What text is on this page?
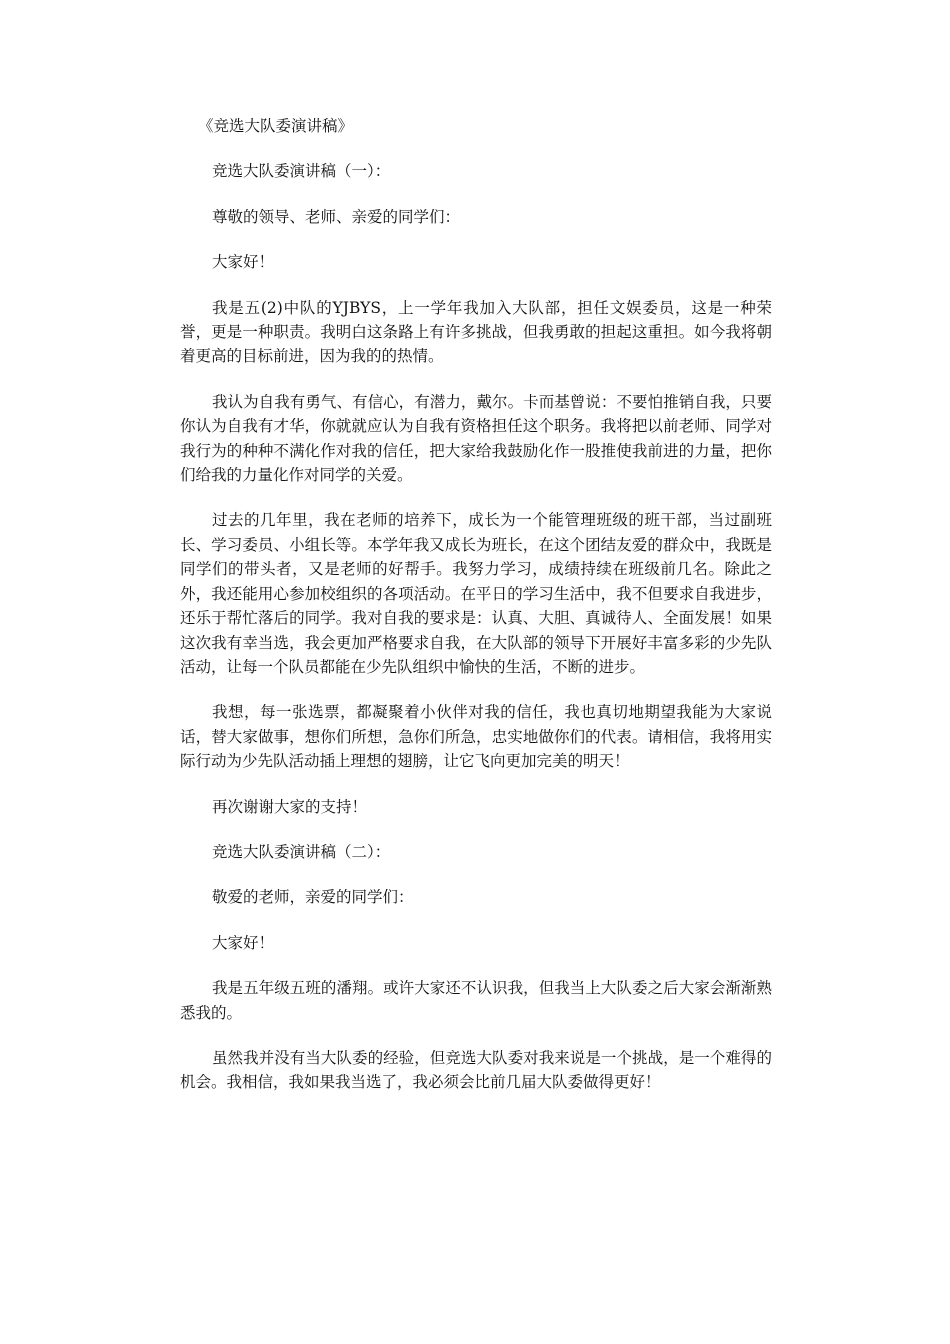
《竞选大队委演讲稿》

竞选大队委演讲稿（一）：

尊敬的领导、老师、亲爱的同学们：

大家好！

我是五(2)中队的YJBYS，上一学年我加入大队部，担任文娱委员，这是一种荣誉，更是一种职责。我明白这条路上有许多挑战，但我勇敢的担起这重担。如今我将朝着更高的目标前进，因为我的的热情。

我认为自我有勇气、有信心，有潜力，戴尔。卡而基曾说：不要怕推销自我，只要你认为自我有才华，你就就应认为自我有资格担任这个职务。我将把以前老师、同学对我行为的种种不满化作对我的信任，把大家给我鼓励化作一股推使我前进的力量，把你们给我的力量化作对同学的关爱。

过去的几年里，我在老师的培养下，成长为一个能管理班级的班干部，当过副班长、学习委员、小组长等。本学年我又成长为班长，在这个团结友爱的群众中，我既是同学们的带头者，又是老师的好帮手。我努力学习，成绩持续在班级前几名。除此之外，我还能用心参加校组织的各项活动。在平日的学习生活中，我不但要求自我进步，还乐于帮忙落后的同学。我对自我的要求是：认真、大胆、真诚待人、全面发展！如果这次我有幸当选，我会更加严格要求自我，在大队部的领导下开展好丰富多彩的少先队活动，让每一个队员都能在少先队组织中愉快的生活，不断的进步。

我想，每一张选票，都凝聚着小伙伴对我的信任，我也真切地期望我能为大家说话，替大家做事，想你们所想，急你们所急，忠实地做你们的代表。请相信，我将用实际行动为少先队活动插上理想的翅膀，让它飞向更加完美的明天！

再次谢谢大家的支持！

竞选大队委演讲稿（二）：

敬爱的老师，亲爱的同学们：

大家好！

我是五年级五班的潘翔。或许大家还不认识我，但我当上大队委之后大家会渐渐熟悉我的。

虽然我并没有当大队委的经验，但竞选大队委对我来说是一个挑战，是一个难得的机会。我相信，我如果我当选了，我必须会比前几届大队委做得更好！
